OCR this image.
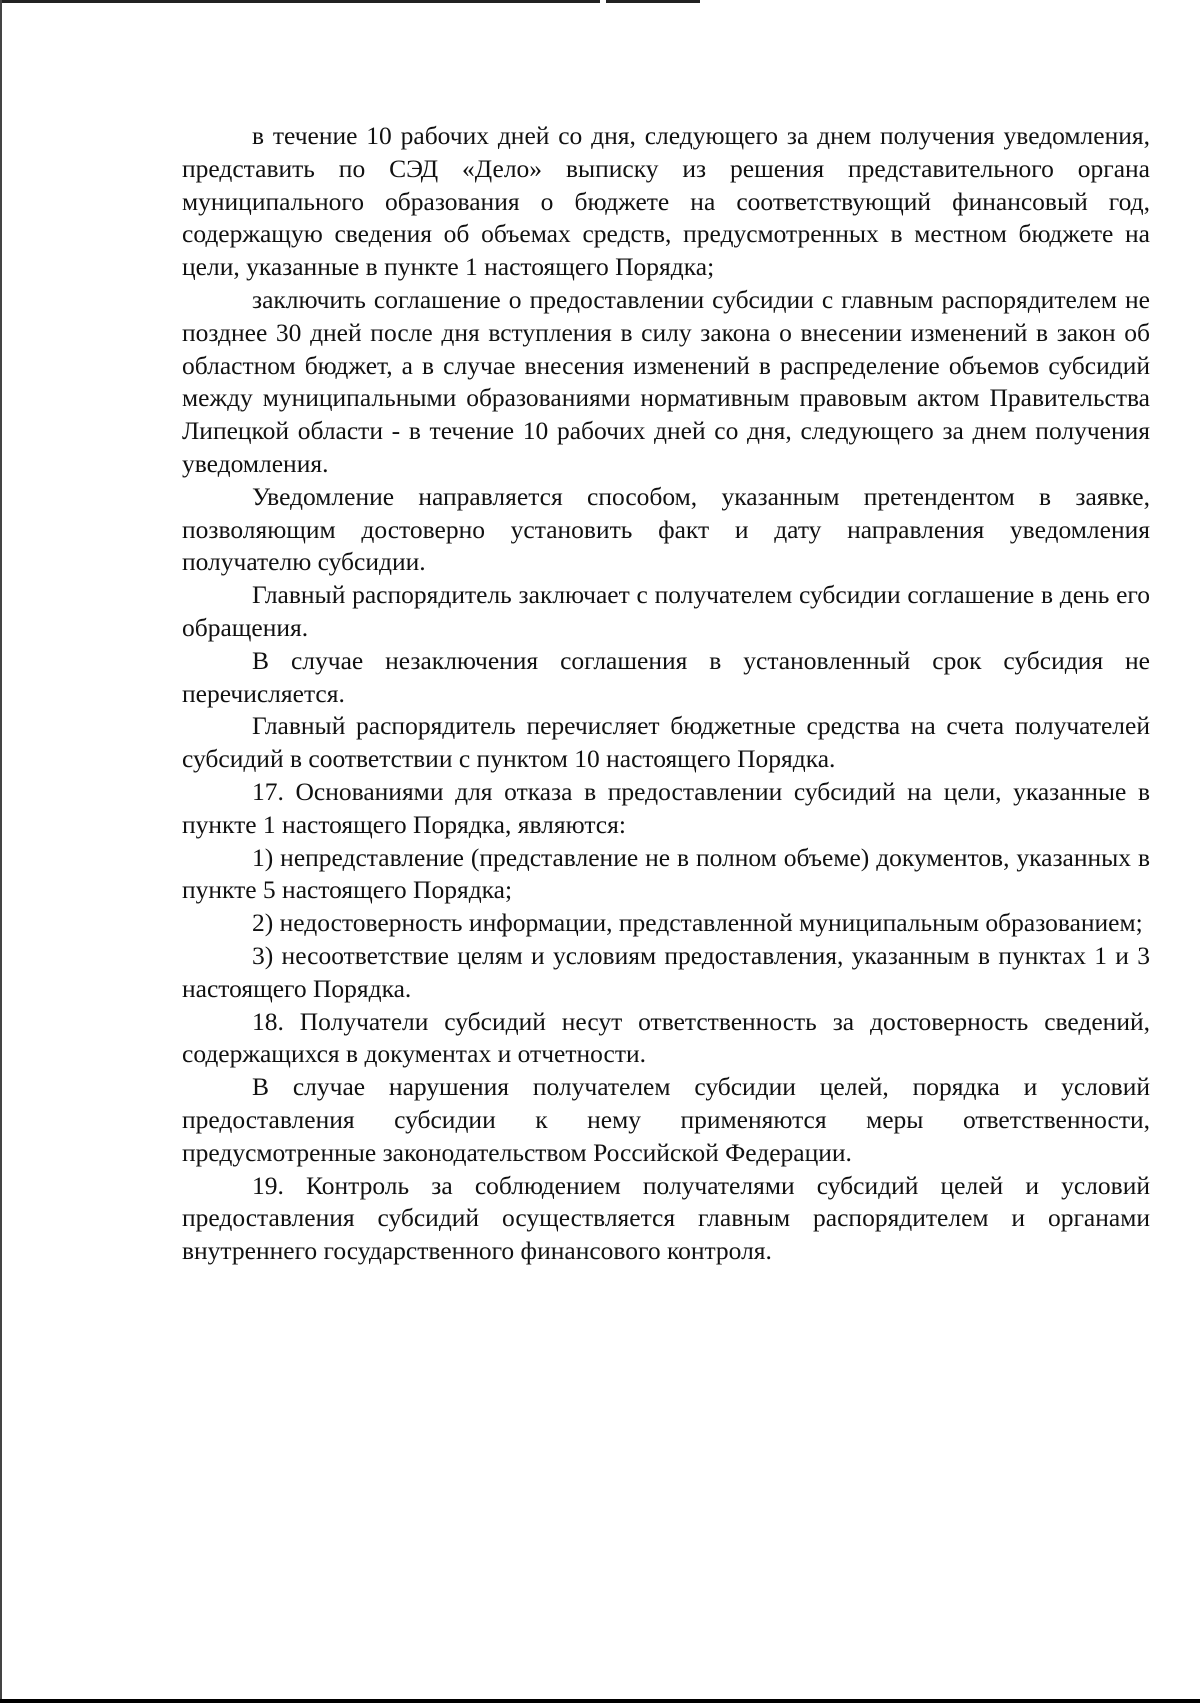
в течение 10 рабочих дней со дня, следующего за днем получения уведомления, представить по СЭД «Дело» выписку из решения представительного органа муниципального образования о бюджете на соответствующий финансовый год, содержащую сведения об объемах средств, предусмотренных в местном бюджете на цели, указанные в пункте 1 настоящего Порядка;

заключить соглашение о предоставлении субсидии с главным распорядителем не позднее 30 дней после дня вступления в силу закона о внесении изменений в закон об областном бюджет, а в случае внесения изменений в распределение объемов субсидий между муниципальными образованиями нормативным правовым актом Правительства Липецкой области - в течение 10 рабочих дней со дня, следующего за днем получения уведомления.

Уведомление направляется способом, указанным претендентом в заявке, позволяющим достоверно установить факт и дату направления уведомления получателю субсидии.

Главный распорядитель заключает с получателем субсидии соглашение в день его обращения.

В случае незаключения соглашения в установленный срок субсидия не перечисляется.

Главный распорядитель перечисляет бюджетные средства на счета получателей субсидий в соответствии с пунктом 10 настоящего Порядка.

17. Основаниями для отказа в предоставлении субсидий на цели, указанные в пункте 1 настоящего Порядка, являются:

1) непредставление (представление не в полном объеме) документов, указанных в пункте 5 настоящего Порядка;

2) недостоверность информации, представленной муниципальным образованием;

3) несоответствие целям и условиям предоставления, указанным в пунктах 1 и 3 настоящего Порядка.

18. Получатели субсидий несут ответственность за достоверность сведений, содержащихся в документах и отчетности.

В случае нарушения получателем субсидии целей, порядка и условий предоставления субсидии к нему применяются меры ответственности, предусмотренные законодательством Российской Федерации.

19. Контроль за соблюдением получателями субсидий целей и условий предоставления субсидий осуществляется главным распорядителем и органами внутреннего государственного финансового контроля.
